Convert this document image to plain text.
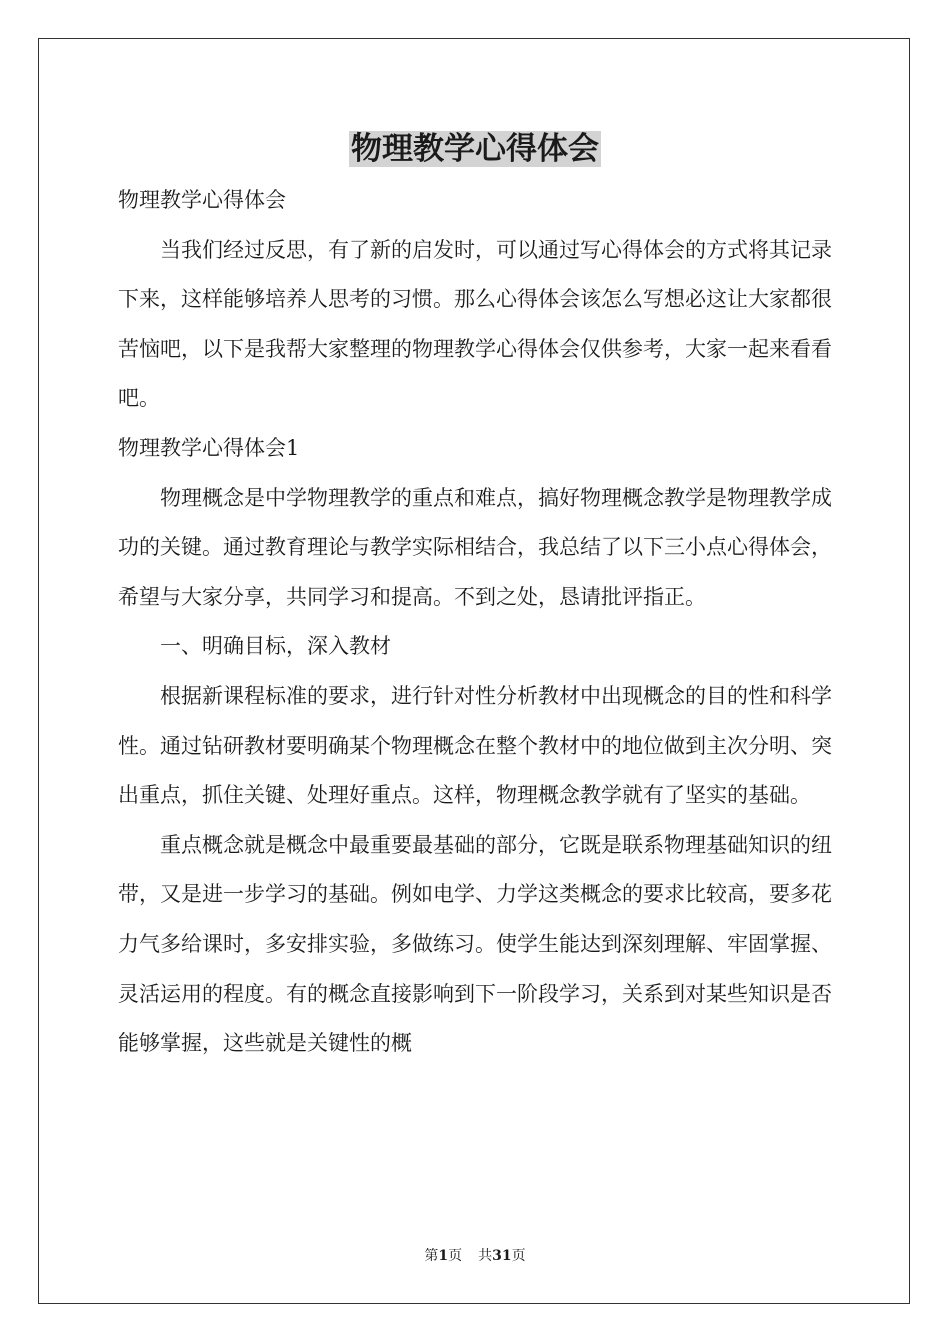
物理教学心得体会

物理教学心得体会

当我们经过反思，有了新的启发时，可以通过写心得体会的方式将其记录下来，这样能够培养人思考的习惯。那么心得体会该怎么写想必这让大家都很苦恼吧，以下是我帮大家整理的物理教学心得体会仅供参考，大家一起来看看吧。

物理教学心得体会1

物理概念是中学物理教学的重点和难点，搞好物理概念教学是物理教学成功的关键。通过教育理论与教学实际相结合，我总结了以下三小点心得体会，希望与大家分享，共同学习和提高。不到之处，恳请批评指正。

一、明确目标，深入教材

根据新课程标准的要求，进行针对性分析教材中出现概念的目的性和科学性。通过钻研教材要明确某个物理概念在整个教材中的地位做到主次分明、突出重点，抓住关键、处理好重点。这样，物理概念教学就有了坚实的基础。

重点概念就是概念中最重要最基础的部分，它既是联系物理基础知识的纽带，又是进一步学习的基础。例如电学、力学这类概念的要求比较高，要多花力气多给课时，多安排实验，多做练习。使学生能达到深刻理解、牢固掌握、灵活运用的程度。有的概念直接影响到下一阶段学习，关系到对某些知识是否能够掌握，这些就是关键性的概

第1页 共31页
